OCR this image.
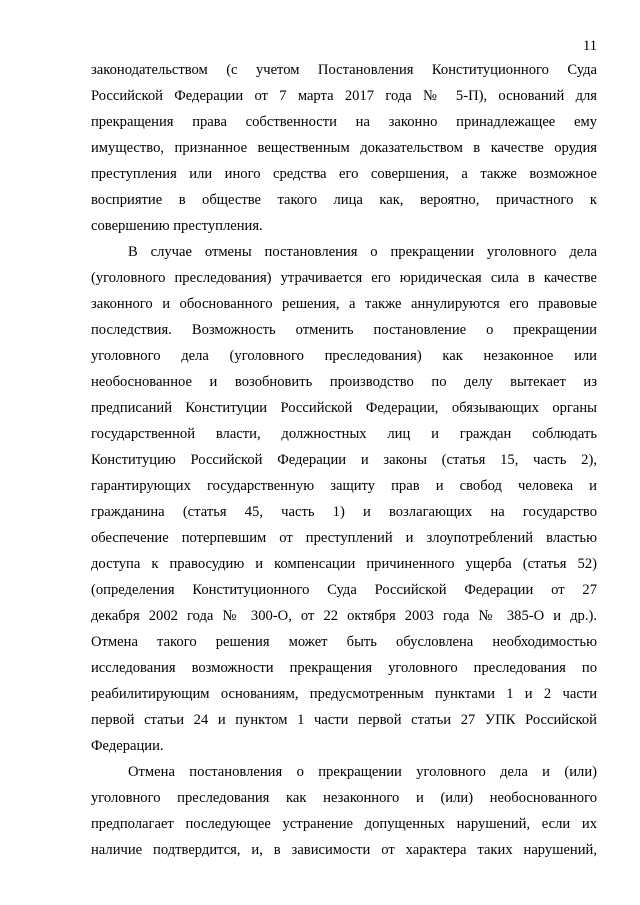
11
законодательством (с учетом Постановления Конституционного Суда
Российской Федерации от 7 марта 2017 года № 5-П), оснований для
прекращения права собственности на законно принадлежащее ему
имущество, признанное вещественным доказательством в качестве орудия
преступления или иного средства его совершения, а также возможное
восприятие в обществе такого лица как, вероятно, причастного к
совершению преступления.
В случае отмены постановления о прекращении уголовного дела
(уголовного преследования) утрачивается его юридическая сила в качестве
законного и обоснованного решения, а также аннулируются его правовые
последствия. Возможность отменить постановление о прекращении
уголовного дела (уголовного преследования) как незаконное или
необоснованное и возобновить производство по делу вытекает из
предписаний Конституции Российской Федерации, обязывающих органы
государственной власти, должностных лиц и граждан соблюдать
Конституцию Российской Федерации и законы (статья 15, часть 2),
гарантирующих государственную защиту прав и свобод человека и
гражданина (статья 45, часть 1) и возлагающих на государство
обеспечение потерпевшим от преступлений и злоупотреблений властью
доступа к правосудию и компенсации причиненного ущерба (статья 52)
(определения Конституционного Суда Российской Федерации от 27
декабря 2002 года № 300-О, от 22 октября 2003 года № 385-О и др.).
Отмена такого решения может быть обусловлена необходимостью
исследования возможности прекращения уголовного преследования по
реабилитирующим основаниям, предусмотренным пунктами 1 и 2 части
первой статьи 24 и пунктом 1 части первой статьи 27 УПК Российской
Федерации.
Отмена постановления о прекращении уголовного дела и (или)
уголовного преследования как незаконного и (или) необоснованного
предполагает последующее устранение допущенных нарушений, если их
наличие подтвердится, и, в зависимости от характера таких нарушений,
